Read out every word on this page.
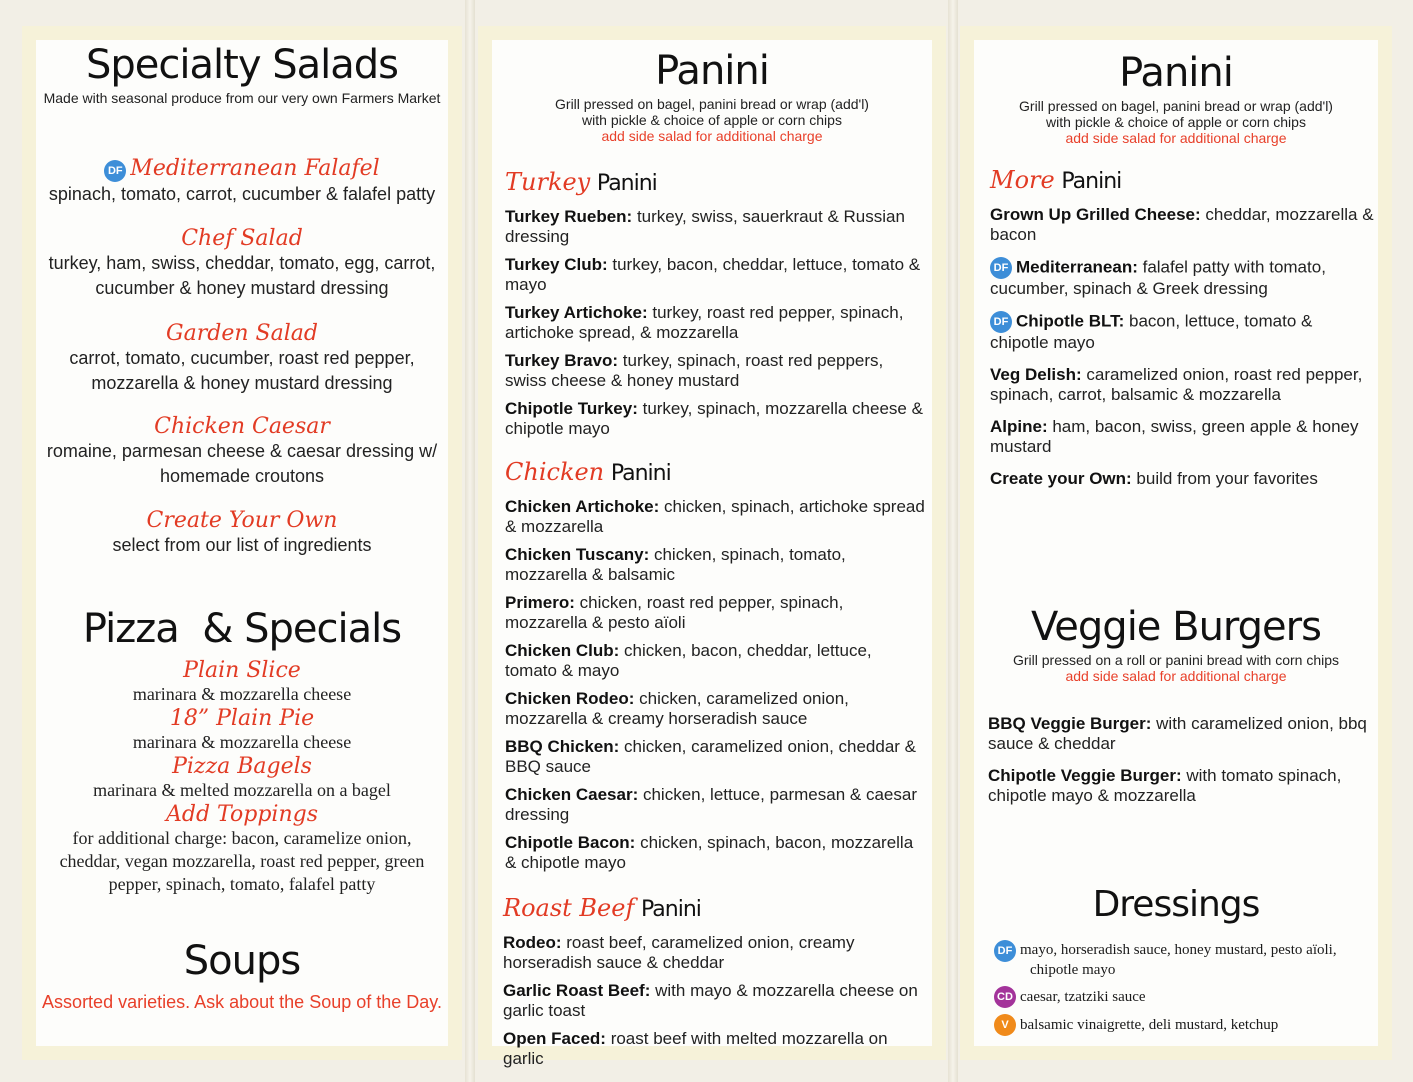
Specialty Salads
Made with seasonal produce from our very own Farmers Market
DF Mediterranean Falafel
spinach, tomato, carrot, cucumber & falafel patty
Chef Salad
turkey, ham, swiss, cheddar, tomato, egg, carrot,
cucumber & honey mustard dressing
Garden Salad
carrot, tomato, cucumber, roast red pepper,
mozzarella & honey mustard dressing
Chicken Caesar
romaine, parmesan cheese & caesar dressing w/
homemade croutons
Create Your Own
select from our list of ingredients
Pizza  & Specials
Plain Slice
marinara & mozzarella cheese
18” Plain Pie
marinara & mozzarella cheese
Pizza Bagels
marinara & melted mozzarella on a bagel
Add Toppings
for additional charge: bacon, caramelize onion,
cheddar, vegan mozzarella, roast red pepper, green
pepper, spinach, tomato, falafel patty
Soups
Assorted varieties. Ask about the Soup of the Day.
Panini
Grill pressed on bagel, panini bread or wrap (add'l)
with pickle & choice of apple or corn chips
add side salad for additional charge
Turkey Panini
Turkey Rueben: turkey, swiss, sauerkraut & Russian dressing
Turkey Club: turkey, bacon, cheddar, lettuce, tomato & mayo
Turkey Artichoke: turkey, roast red pepper, spinach, artichoke spread, & mozzarella
Turkey Bravo: turkey, spinach, roast red peppers, swiss cheese & honey mustard
Chipotle Turkey: turkey, spinach, mozzarella cheese & chipotle mayo
Chicken Panini
Chicken Artichoke: chicken, spinach, artichoke spread & mozzarella
Chicken Tuscany: chicken, spinach, tomato, mozzarella & balsamic
Primero: chicken, roast red pepper, spinach, mozzarella & pesto aïoli
Chicken Club: chicken, bacon, cheddar, lettuce, tomato & mayo
Chicken Rodeo: chicken, caramelized onion, mozzarella & creamy horseradish sauce
BBQ Chicken: chicken, caramelized onion, cheddar & BBQ sauce
Chicken Caesar: chicken, lettuce, parmesan & caesar dressing
Chipotle Bacon: chicken, spinach, bacon, mozzarella & chipotle mayo
Roast Beef Panini
Rodeo: roast beef, caramelized onion, creamy horseradish sauce & cheddar
Garlic Roast Beef: with mayo & mozzarella cheese on garlic toast
Open Faced: roast beef with melted mozzarella on garlic
Panini
Grill pressed on bagel, panini bread or wrap (add'l)
with pickle & choice of apple or corn chips
add side salad for additional charge
More Panini
Grown Up Grilled Cheese: cheddar, mozzarella & bacon
DF Mediterranean: falafel patty with tomato, cucumber, spinach & Greek dressing
DF Chipotle BLT: bacon, lettuce, tomato & chipotle mayo
Veg Delish: caramelized onion, roast red pepper, spinach, carrot, balsamic & mozzarella
Alpine: ham, bacon, swiss, green apple & honey mustard
Create your Own: build from your favorites
Veggie Burgers
Grill pressed on a roll or panini bread with corn chips
add side salad for additional charge
BBQ Veggie Burger: with caramelized onion, bbq sauce & cheddar
Chipotle Veggie Burger: with tomato spinach, chipotle mayo & mozzarella
Dressings
DF mayo, horseradish sauce, honey mustard, pesto aïoli,
chipotle mayo
CD caesar, tzatziki sauce
V balsamic vinaigrette, deli mustard, ketchup
